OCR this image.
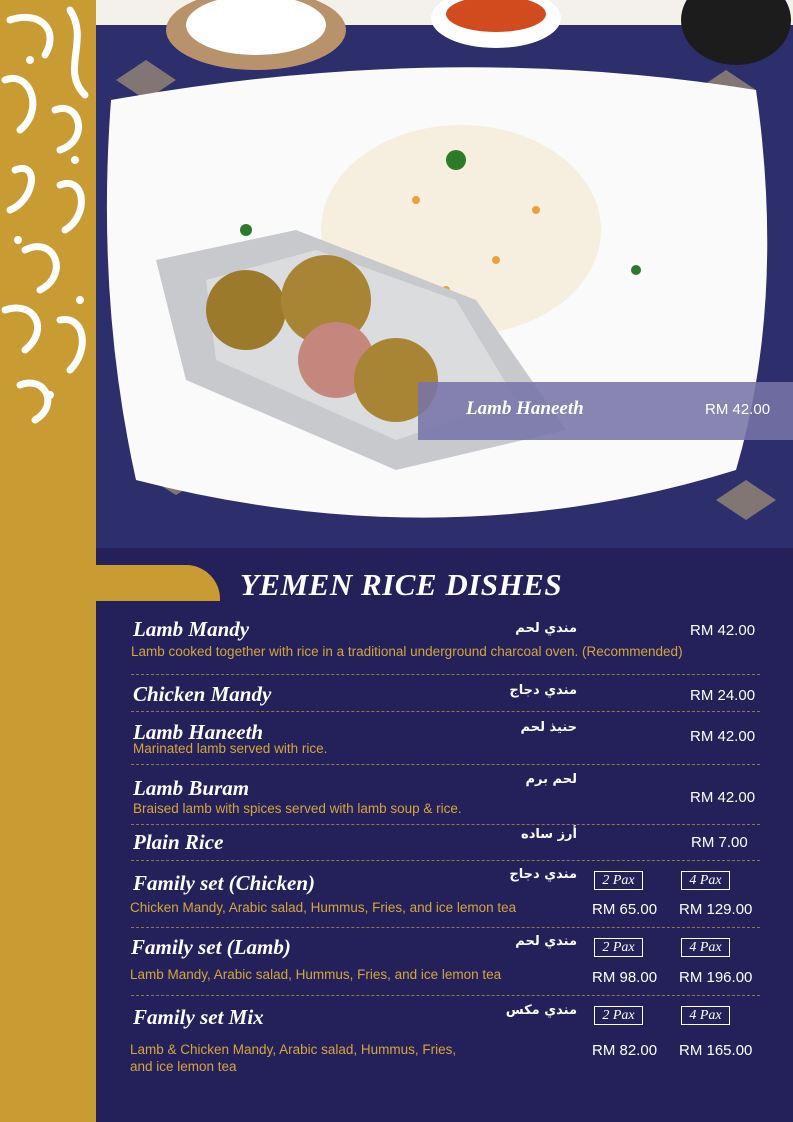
Lamb Haneeth	RM 42.00
YEMEN RICE DISHES
Lamb Mandy	مندي لحم	RM 42.00
Lamb cooked together with rice in a traditional underground charcoal oven. (Recommended)
Chicken Mandy	مندي دجاج	RM 24.00
Lamb Haneeth	حنيذ لحم
RM 42.00
Marinated lamb served with rice.
Lamb Buram	لحم برم
RM 42.00
Braised lamb with spices served with lamb soup & rice.
Plain Rice	أرز ساده	RM 7.00
Family set (Chicken)	مندي دجاج	2 Pax	4 Pax
Chicken Mandy, Arabic salad, Hummus, Fries, and ice lemon tea	RM 65.00 RM 129.00
Family set (Lamb)	مندي لحم	2 Pax	4 Pax
Lamb Mandy, Arabic salad, Hummus, Fries, and ice lemon tea	RM 98.00 RM 196.00
Family set Mix	مندي مكس	2 Pax	4 Pax
Lamb & Chicken Mandy, Arabic salad, Hummus, Fries,
and ice lemon tea
RM 82.00 RM 165.00
